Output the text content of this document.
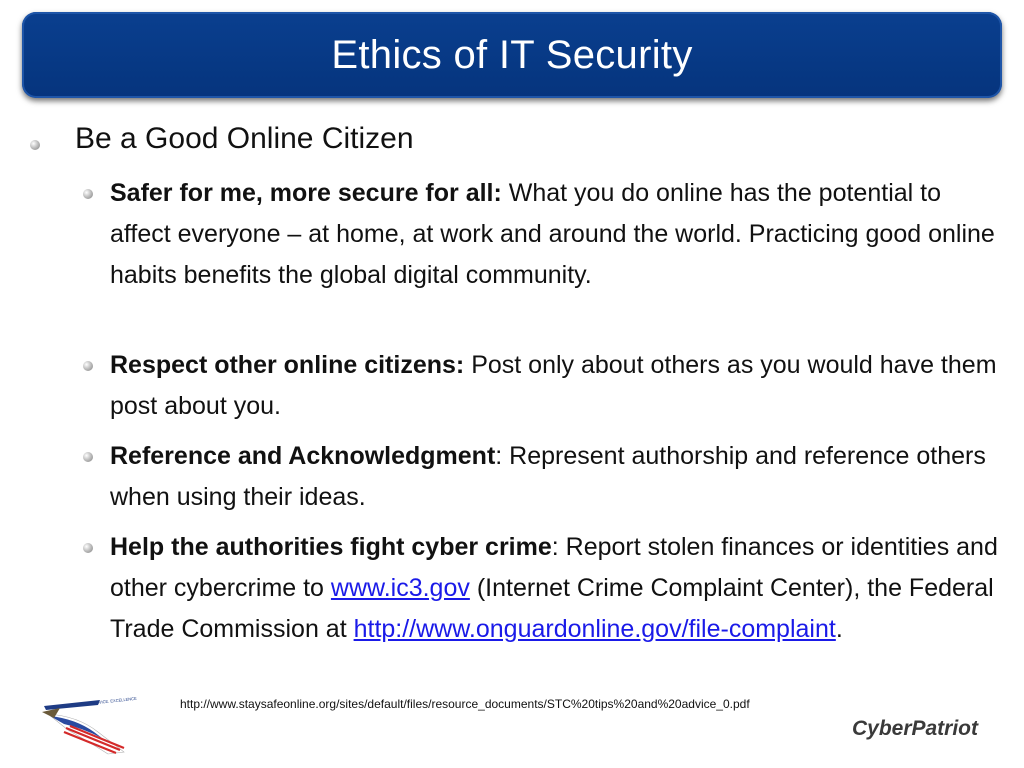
Ethics of IT Security

Be a Good Online Citizen

Safer for me, more secure for all: What you do online has the potential to affect everyone – at home, at work and around the world. Practicing good online habits benefits the global digital community.

Respect other online citizens: Post only about others as you would have them post about you.

Reference and Acknowledgment: Represent authorship and reference others when using their ideas.

Help the authorities fight cyber crime: Report stolen finances or identities and other cybercrime to www.ic3.gov (Internet Crime Complaint Center), the Federal Trade Commission at http://www.onguardonline.gov/file-complaint.

INTEGRITY. SERVICE. EXCELLENCE	http://www.staysafeonline.org/sites/default/files/resource_documents/STC%20tips%20and%20advice_0.pdf
CyberPatriot
